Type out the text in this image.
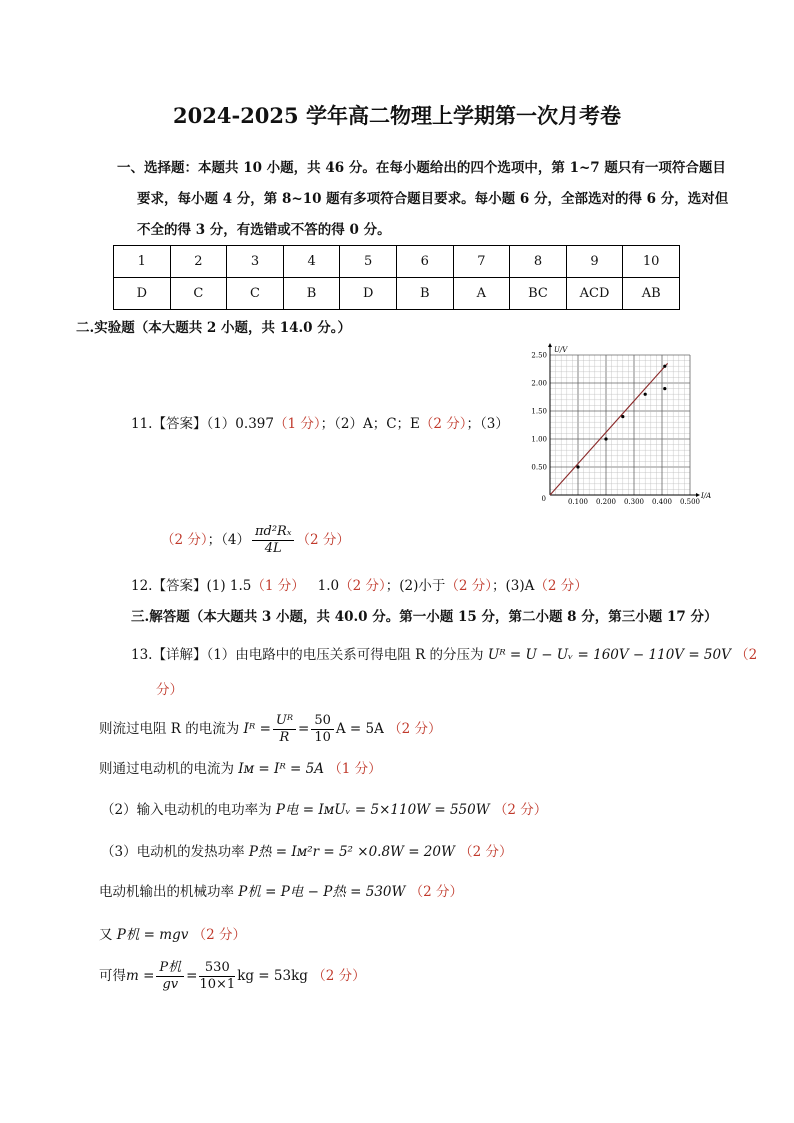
2024-2025 学年高二物理上学期第一次月考卷
一、选择题：本题共 10 小题，共 46 分。在每小题给出的四个选项中，第 1~7 题只有一项符合题目
要求，每小题 4 分，第 8~10 题有多项符合题目要求。每小题 6 分，全部选对的得 6 分，选对但
不全的得 3 分，有选错或不答的得 0 分。
1	2	3	4	5	6	7	8	9	10
D	C	C	B	D	B	A	BC	ACD	AB
二.实验题（本大题共 2 小题，共 14.0 分。）
11.【答案】（1）0.397（1 分）；（2）A；C；E（2 分）；（3）
0.100 0.200 0.300 0.400 0.500
0.50
1.00
1.50
2.00
2.50
0	I/A
U/V
（2 分）；$(4) \frac{\text{πd²Rₓ}}{4L} (2$ 分）
12.【答案】(1) 1.5（1 分） 1.0（2 分）；(2)小于（2 分）；(3)A（2 分）
三.解答题（本大题共 3 小题，共 40.0 分。第一小题 15 分，第二小题 8 分，第三小题 17 分）
13.【详解】（1）由电路中的电压关系可得电阻 R 的分压为 Uᴿ = U − Uᵥ = 160V − 110V = 50V （2
分）
则流过电阻 R 的电流为 Iᴿ = $\frac{\text{Uᴿ}}{R} = \frac{50}{10}$ A = 5A （2 分）
则通过电动机的电流为 Iᴍ = Iᴿ = 5A （1 分）
（2）输入电动机的电功率为 P电 = IᴍUᵥ = 5×110W = 550W （2 分）
（3）电动机的发热功率 P热 = Iᴍ²r = 5² ×0.8W = 20W （2 分）
电动机输出的机械功率 P机 = P电 − P热 = 530W （2 分）
又 P机 = mgv （2 分）
可得$m = \frac{\text{P机}}{gv} = \frac{530}{10\times 1}$ kg = 53kg （2 分）
